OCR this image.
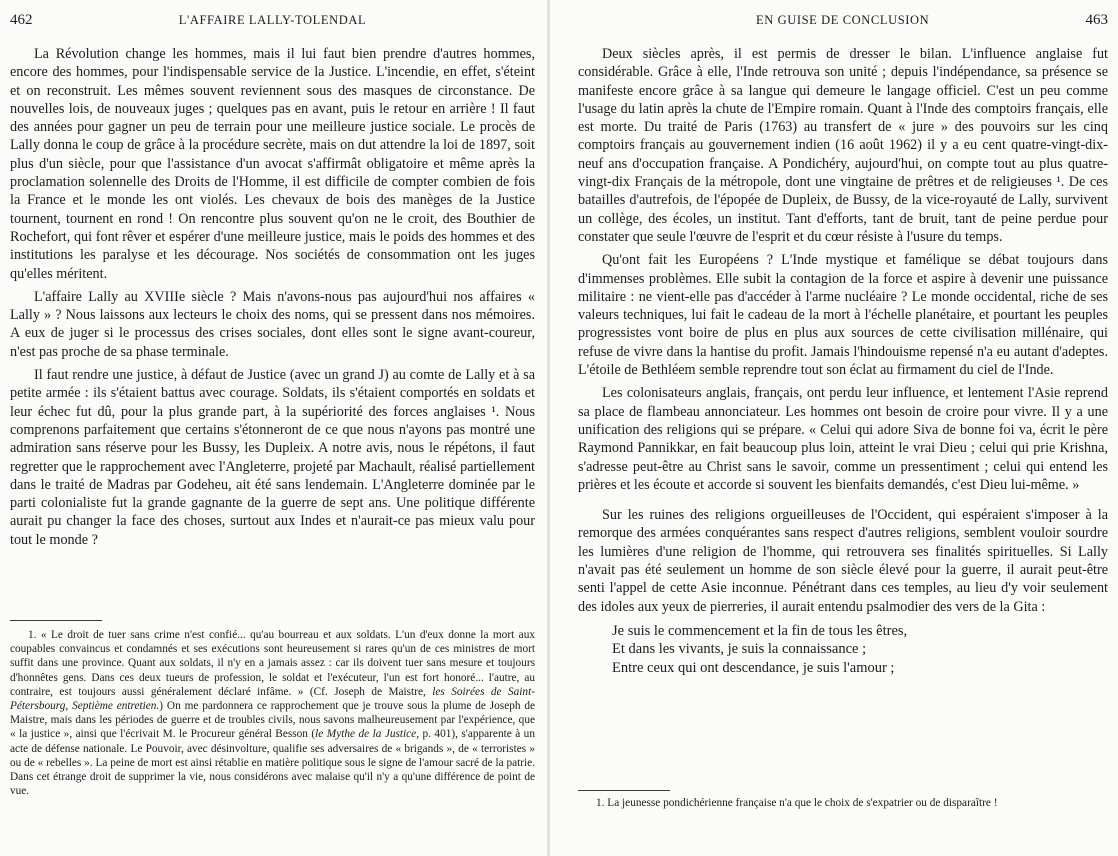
462	L'AFFAIRE LALLY-TOLENDAL

La Révolution change les hommes, mais il lui faut bien prendre d'autres hommes, encore des hommes, pour l'indispensable service de la Justice. L'incendie, en effet, s'éteint et on reconstruit. Les mêmes souvent reviennent sous des masques de circonstance. De nouvelles lois, de nouveaux juges ; quelques pas en avant, puis le retour en arrière ! Il faut des années pour gagner un peu de terrain pour une meilleure justice sociale. Le procès de Lally donna le coup de grâce à la procédure secrète, mais on dut attendre la loi de 1897, soit plus d'un siècle, pour que l'assistance d'un avocat s'affirmât obligatoire et même après la proclamation solennelle des Droits de l'Homme, il est difficile de compter combien de fois la France et le monde les ont violés. Les chevaux de bois des manèges de la Justice tournent, tournent en rond ! On rencontre plus souvent qu'on ne le croit, des Bouthier de Rochefort, qui font rêver et espérer d'une meilleure justice, mais le poids des hommes et des institutions les paralyse et les décourage. Nos sociétés de consommation ont les juges qu'elles méritent.

L'affaire Lally au XVIIIe siècle ? Mais n'avons-nous pas aujourd'hui nos affaires « Lally » ? Nous laissons aux lecteurs le choix des noms, qui se pressent dans nos mémoires. A eux de juger si le processus des crises sociales, dont elles sont le signe avant-coureur, n'est pas proche de sa phase terminale.

Il faut rendre une justice, à défaut de Justice (avec un grand J) au comte de Lally et à sa petite armée : ils s'étaient battus avec courage. Soldats, ils s'étaient comportés en soldats et leur échec fut dû, pour la plus grande part, à la supériorité des forces anglaises ¹. Nous comprenons parfaitement que certains s'étonneront de ce que nous n'ayons pas montré une admiration sans réserve pour les Bussy, les Dupleix. A notre avis, nous le répétons, il faut regretter que le rapprochement avec l'Angleterre, projeté par Machault, réalisé partiellement dans le traité de Madras par Godeheu, ait été sans lendemain. L'Angleterre dominée par le parti colonialiste fut la grande gagnante de la guerre de sept ans. Une politique différente aurait pu changer la face des choses, surtout aux Indes et n'aurait-ce pas mieux valu pour tout le monde ?

1. « Le droit de tuer sans crime n'est confié... qu'au bourreau et aux soldats. L'un d'eux donne la mort aux coupables convaincus et condamnés et ses exécutions sont heureusement si rares qu'un de ces ministres de mort suffit dans une province. Quant aux soldats, il n'y en a jamais assez : car ils doivent tuer sans mesure et toujours d'honnêtes gens. Dans ces deux tueurs de profession, le soldat et l'exécuteur, l'un est fort honoré... l'autre, au contraire, est toujours aussi généralement déclaré infâme. » (Cf. Joseph de Maistre, les Soirées de Saint-Pétersbourg, Septième entretien.) On me pardonnera ce rapprochement que je trouve sous la plume de Joseph de Maistre, mais dans les périodes de guerre et de troubles civils, nous savons malheureusement par l'expérience, que « la justice », ainsi que l'écrivait M. le Procureur général Besson (le Mythe de la Justice, p. 401), s'apparente à un acte de défense nationale. Le Pouvoir, avec désinvolture, qualifie ses adversaires de « brigands », de « terroristes » ou de « rebelles ». La peine de mort est ainsi rétablie en matière politique sous le signe de l'amour sacré de la patrie. Dans cet étrange droit de supprimer la vie, nous considérons avec malaise qu'il n'y a qu'une différence de point de vue.

EN GUISE DE CONCLUSION	463

Deux siècles après, il est permis de dresser le bilan. L'influence anglaise fut considérable. Grâce à elle, l'Inde retrouva son unité ; depuis l'indépendance, sa présence se manifeste encore grâce à sa langue qui demeure le langage officiel. C'est un peu comme l'usage du latin après la chute de l'Empire romain. Quant à l'Inde des comptoirs français, elle est morte. Du traité de Paris (1763) au transfert de « jure » des pouvoirs sur les cinq comptoirs français au gouvernement indien (16 août 1962) il y a eu cent quatre-vingt-dix-neuf ans d'occupation française. A Pondichéry, aujourd'hui, on compte tout au plus quatre-vingt-dix Français de la métropole, dont une vingtaine de prêtres et de religieuses ¹. De ces batailles d'autrefois, de l'épopée de Dupleix, de Bussy, de la vice-royauté de Lally, survivent un collège, des écoles, un institut. Tant d'efforts, tant de bruit, tant de peine perdue pour constater que seule l'œuvre de l'esprit et du cœur résiste à l'usure du temps.

Qu'ont fait les Européens ? L'Inde mystique et famélique se débat toujours dans d'immenses problèmes. Elle subit la contagion de la force et aspire à devenir une puissance militaire : ne vient-elle pas d'accéder à l'arme nucléaire ? Le monde occidental, riche de ses valeurs techniques, lui fait le cadeau de la mort à l'échelle planétaire, et pourtant les peuples progressistes vont boire de plus en plus aux sources de cette civilisation millénaire, qui refuse de vivre dans la hantise du profit. Jamais l'hindouisme repensé n'a eu autant d'adeptes. L'étoile de Bethléem semble reprendre tout son éclat au firmament du ciel de l'Inde.

Les colonisateurs anglais, français, ont perdu leur influence, et lentement l'Asie reprend sa place de flambeau annonciateur. Les hommes ont besoin de croire pour vivre. Il y a une unification des religions qui se prépare. « Celui qui adore Siva de bonne foi va, écrit le père Raymond Pannikkar, en fait beaucoup plus loin, atteint le vrai Dieu ; celui qui prie Krishna, s'adresse peut-être au Christ sans le savoir, comme un pressentiment ; celui qui entend les prières et les écoute et accorde si souvent les bienfaits demandés, c'est Dieu lui-même. »

Sur les ruines des religions orgueilleuses de l'Occident, qui espéraient s'imposer à la remorque des armées conquérantes sans respect d'autres religions, semblent vouloir sourdre les lumières d'une religion de l'homme, qui retrouvera ses finalités spirituelles. Si Lally n'avait pas été seulement un homme de son siècle élevé pour la guerre, il aurait peut-être senti l'appel de cette Asie inconnue. Pénétrant dans ces temples, au lieu d'y voir seulement des idoles aux yeux de pierreries, il aurait entendu psalmodier des vers de la Gita :

Je suis le commencement et la fin de tous les êtres,
Et dans les vivants, je suis la connaissance ;
Entre ceux qui ont descendance, je suis l'amour ;

1. La jeunesse pondichérienne française n'a que le choix de s'expatrier ou de disparaître !
